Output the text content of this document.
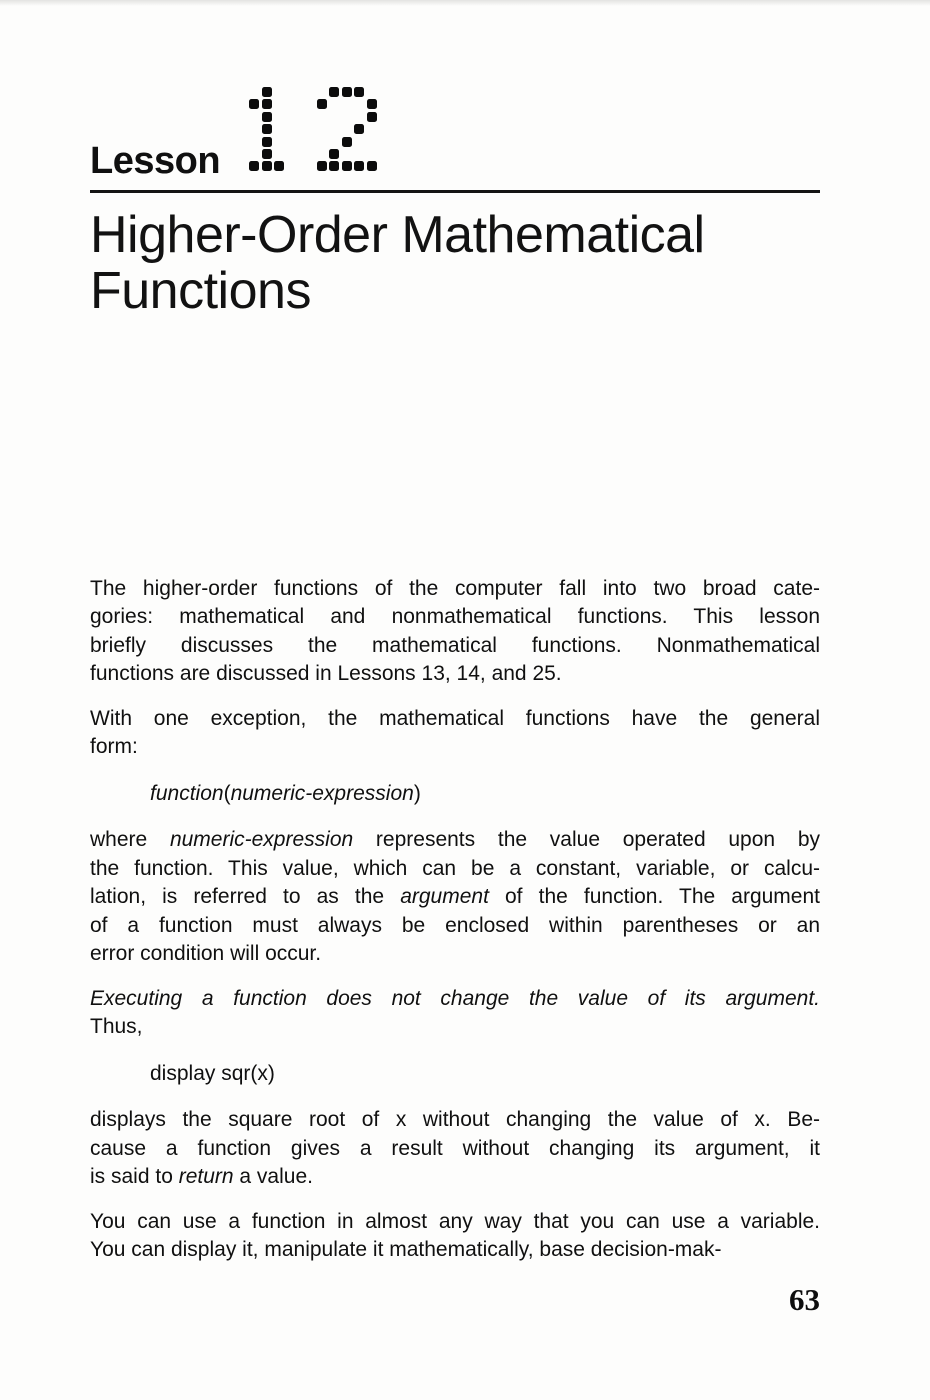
Lesson
Higher-Order Mathematical
Functions
The higher-order functions of the computer fall into two broad cate-
gories: mathematical and nonmathematical functions. This lesson
briefly discusses the mathematical functions. Nonmathematical
functions are discussed in Lessons 13, 14, and 25.
With one exception, the mathematical functions have the general
form:
function(numeric-expression)
where numeric-expression represents the value operated upon by
the function. This value, which can be a constant, variable, or calcu-
lation, is referred to as the argument of the function. The argument
of a function must always be enclosed within parentheses or an
error condition will occur.
Executing a function does not change the value of its argument.
Thus,
display sqr(x)
displays the square root of x without changing the value of x. Be-
cause a function gives a result without changing its argument, it
is said to return a value.
You can use a function in almost any way that you can use a variable.
You can display it, manipulate it mathematically, base decision-mak-
63
